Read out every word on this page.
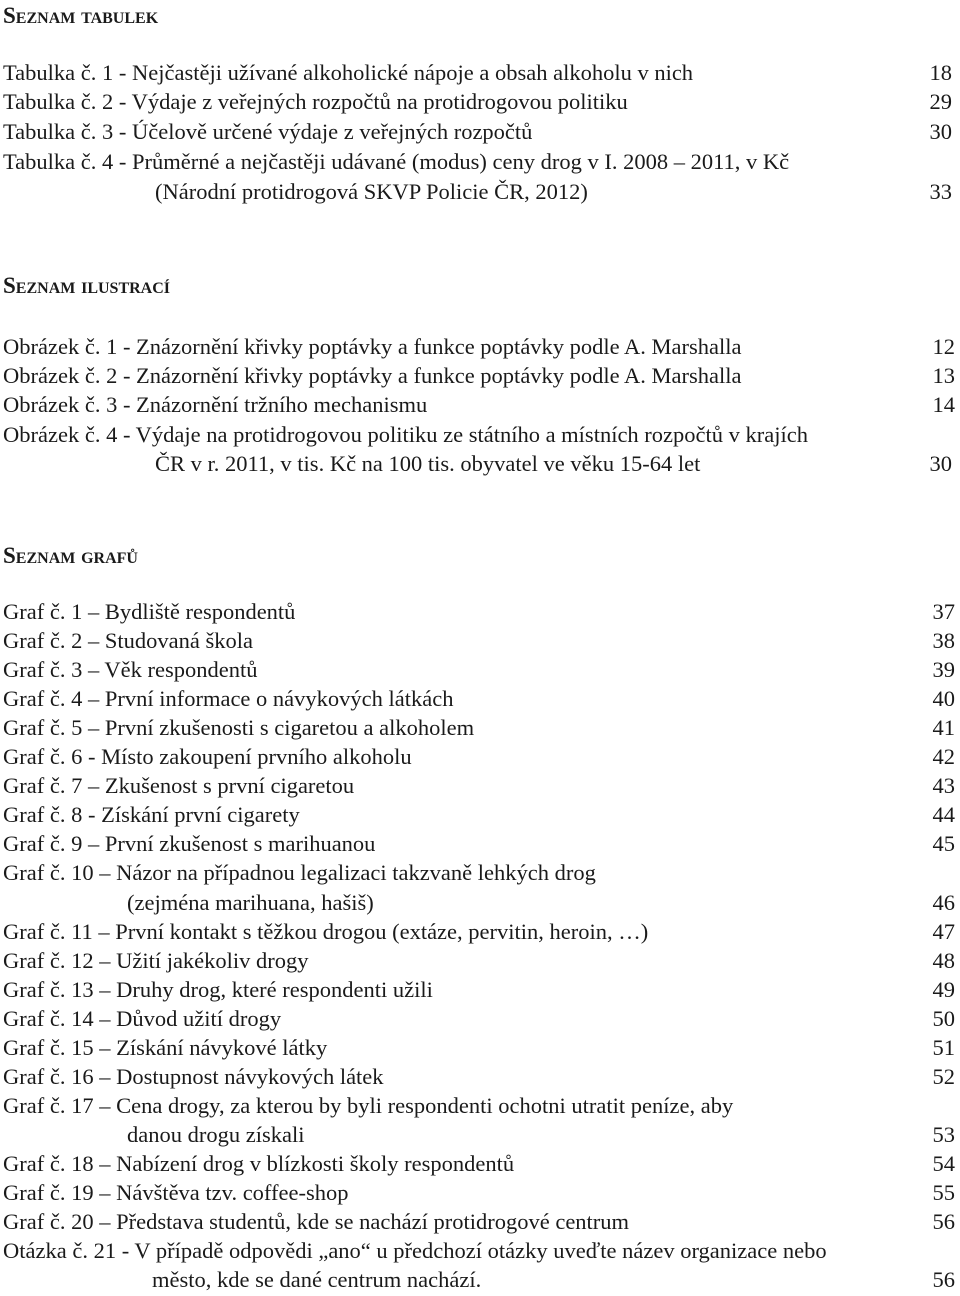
Seznam tabulek
Tabulka č. 1 - Nejčastěji užívané alkoholické nápoje a obsah alkoholu v nich	18
Tabulka č. 2 - Výdaje z veřejných rozpočtů na protidrogovou politiku	29
Tabulka č. 3 - Účelově určené výdaje z veřejných rozpočtů	30
Tabulka č. 4 - Průměrné a nejčastěji udávané (modus) ceny drog v I. 2008 – 2011, v Kč
(Národní protidrogová SKVP Policie ČR, 2012)	33
Seznam ilustrací
Obrázek č. 1 - Znázornění křivky poptávky a funkce poptávky podle A. Marshalla	12
Obrázek č. 2 - Znázornění křivky poptávky a funkce poptávky podle A. Marshalla	13
Obrázek č. 3 - Znázornění tržního mechanismu	14
Obrázek č. 4 - Výdaje na protidrogovou politiku ze státního a místních rozpočtů v krajích
ČR v r. 2011, v tis. Kč na 100 tis. obyvatel ve věku 15-64 let	30
Seznam grafů
Graf č. 1 – Bydliště respondentů	37
Graf č. 2 – Studovaná škola	38
Graf č. 3 – Věk respondentů	39
Graf č. 4 – První informace o návykových látkách	40
Graf č. 5 – První zkušenosti s cigaretou a alkoholem	41
Graf č. 6 - Místo zakoupení prvního alkoholu	42
Graf č. 7 – Zkušenost s první cigaretou	43
Graf č. 8 - Získání první cigarety	44
Graf č. 9 – První zkušenost s marihuanou	45
Graf č. 10 – Názor na případnou legalizaci takzvaně lehkých drog
(zejména marihuana, hašiš)	46
Graf č. 11 – První kontakt s těžkou drogou (extáze, pervitin, heroin, …)	47
Graf č. 12 – Užití jakékoliv drogy	48
Graf č. 13 – Druhy drog, které respondenti užili	49
Graf č. 14 – Důvod užití drogy	50
Graf č. 15 – Získání návykové látky	51
Graf č. 16 – Dostupnost návykových látek	52
Graf č. 17 – Cena drogy, za kterou by byli respondenti ochotni utratit peníze, aby
danou drogu získali	53
Graf č. 18 – Nabízení drog v blízkosti školy respondentů	54
Graf č. 19 – Návštěva tzv. coffee-shop	55
Graf č. 20 – Představa studentů, kde se nachází protidrogové centrum	56
Otázka č. 21 - V případě odpovědi „ano“ u předchozí otázky uveďte název organizace nebo
město, kde se dané centrum nachází.	56
